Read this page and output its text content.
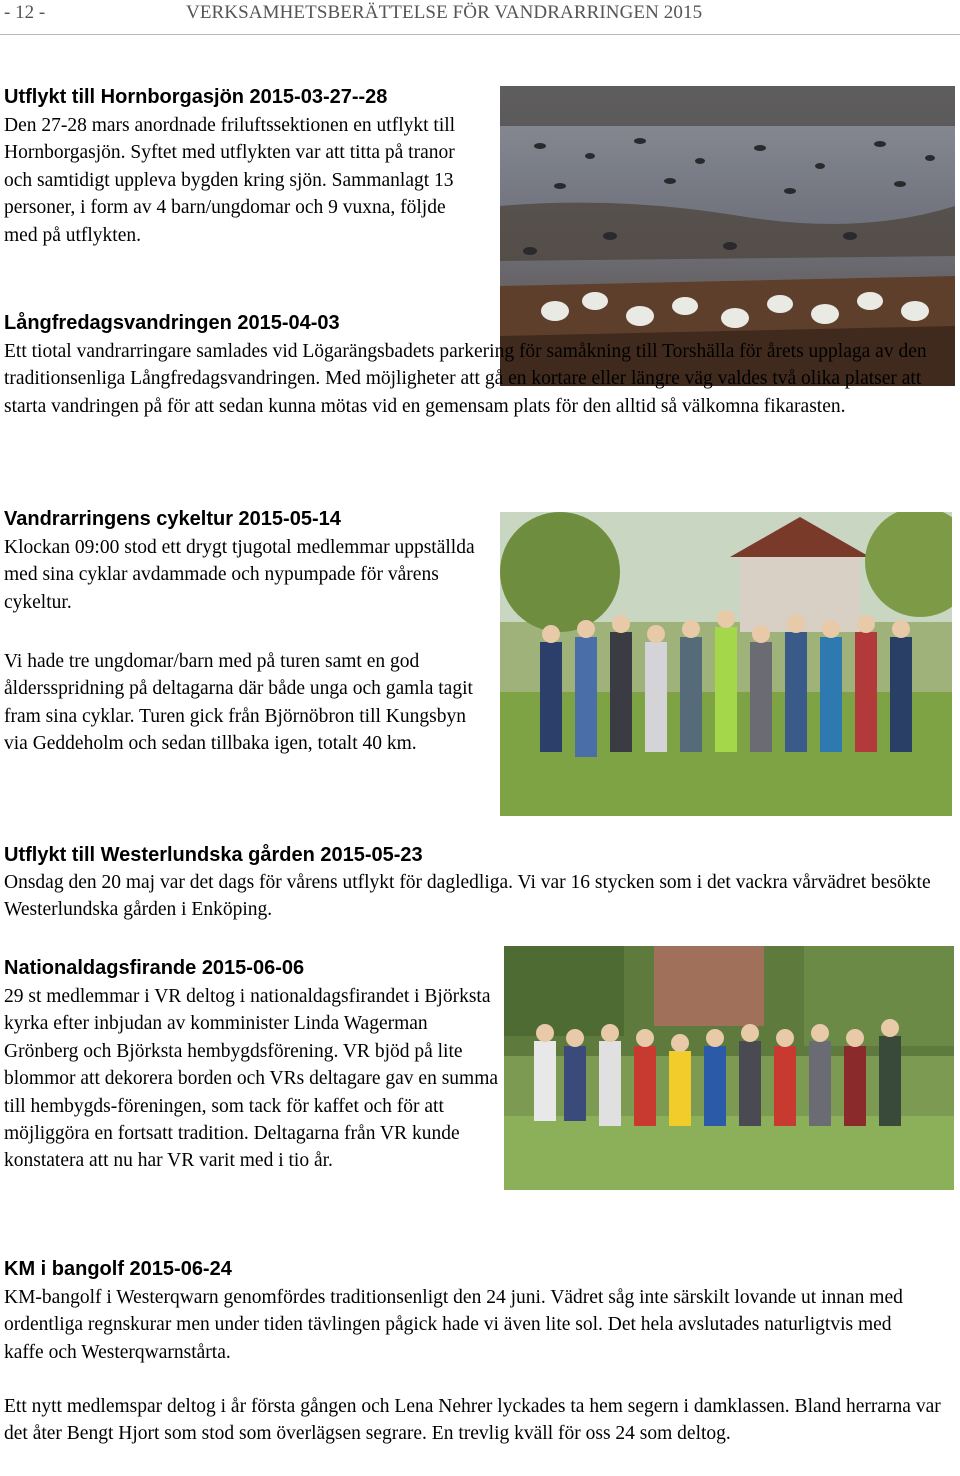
- 12 -	VERKSAMHETSBERÄTTELSE FÖR VANDRARRINGEN 2015
Utflykt till Hornborgasjön 2015-03-27--28

Den 27-28 mars anordnade friluftssektionen en utflykt till Hornborgasjön. Syftet med utflykten var att titta på tranor och samtidigt uppleva bygden kring sjön. Sammanlagt 13 personer, i form av 4 barn/ungdomar och 9 vuxna, följde med på utflykten.

Långfredagsvandringen 2015-04-03
Ett tiotal vandrarringare samlades vid Lögarängsbadets parkering för samåkning till Torshälla för årets upplaga av den traditionsenliga Långfredagsvandringen. Med möjligheter att gå en kortare eller längre väg valdes två olika platser att starta vandringen på för att sedan kunna mötas vid en gemensam plats för den alltid så välkomna fikarasten.
Vandrarringens cykeltur 2015-05-14

Klockan 09:00 stod ett drygt tjugotal medlemmar uppställda med sina cyklar avdammade och nypumpade för vårens cykeltur.

Vi hade tre ungdomar/barn med på turen samt en god åldersspridning på deltagarna där både unga och gamla tagit fram sina cyklar. Turen gick från Björnöbron till Kungsbyn via Geddeholm och sedan tillbaka igen, totalt 40 km.

Utflykt till Westerlundska gården 2015-05-23

Onsdag den 20 maj var det dags för vårens utflykt för dagledliga. Vi var 16 stycken som i det vackra vårvädret besökte Westerlundska gården i Enköping.

Nationaldagsfirande 2015-06-06

29 st medlemmar i VR deltog i nationaldagsfirandet i Björksta kyrka efter inbjudan av komminister Linda Wagerman Grönberg och Björksta hembygdsförening. VR bjöd på lite blommor att dekorera borden och VRs deltagare gav en summa till hembygds-föreningen, som tack för kaffet och för att möjliggöra en fortsatt tradition. Deltagarna från VR kunde konstatera att nu har VR varit med i tio år.

KM i bangolf 2015-06-24

KM-bangolf i Westerqwarn genomfördes traditionsenligt den 24 juni. Vädret såg inte särskilt lovande ut innan med ordentliga regnskurar men under tiden tävlingen pågick hade vi även lite sol. Det hela avslutades naturligtvis med kaffe och Westerqwarnstårta.

Ett nytt medlemspar deltog i år första gången och Lena Nehrer lyckades ta hem segern i damklassen. Bland herrarna var det åter Bengt Hjort som stod som överlägsen segrare. En trevlig kväll för oss 24 som deltog.
